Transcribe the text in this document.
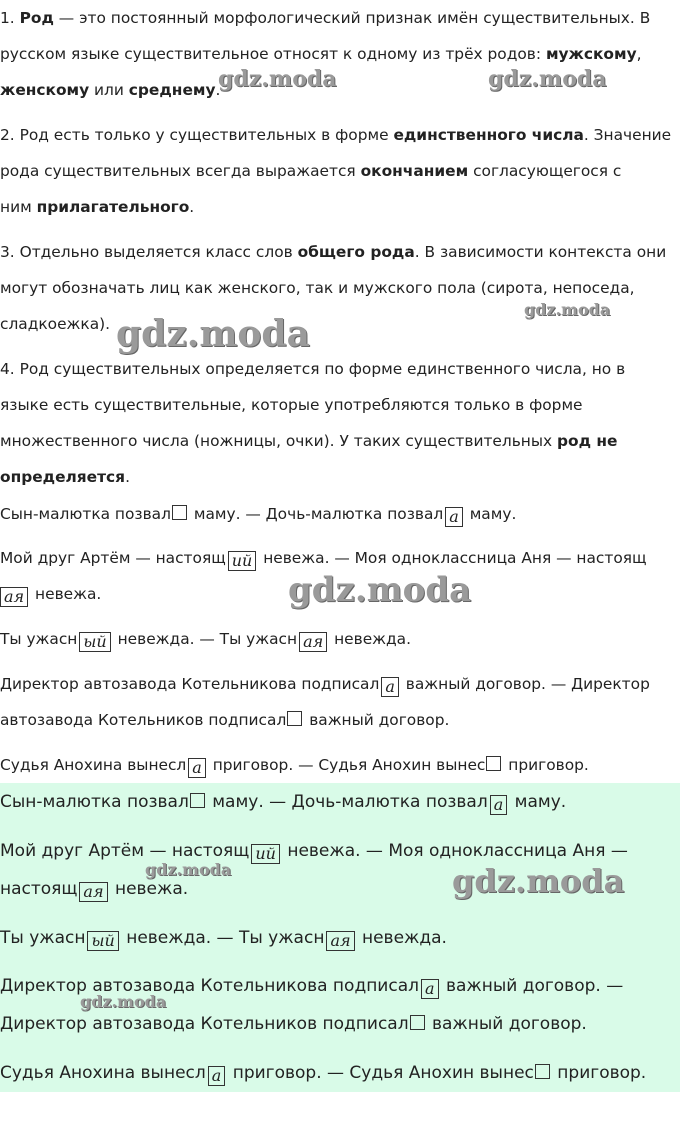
1. Род — это постоянный морфологический признак имён существительных. В

русском языке существительное относят к одному из трёх родов: мужскому,

женскому или среднему.

2. Род есть только у существительных в форме единственного числа. Значение

рода существительных всегда выражается окончанием согласующегося с

ним прилагательного.

3. Отдельно выделяется класс слов общего рода. В зависимости контекста они

могут обозначать лиц как женского, так и мужского пола (сирота, непоседа,

сладкоежка).

4. Род существительных определяется по форме единственного числа, но в

языке есть существительные, которые употребляются только в форме

множественного числа (ножницы, очки). У таких существительных род не

определяется.

Сын-малютка позвал маму. — Дочь-малютка позвал а маму.

Мой друг Артём — настоящ ий невежа. — Моя одноклассница Аня — настоящ

ая невежа.

Ты ужасн ый невежда. — Ты ужасн ая невежда.

Директор автозавода Котельникова подписал а важный договор. — Директор

автозавода Котельников подписал важный договор.

Судья Анохина вынесл а приговор. — Судья Анохин вынес приговор.

Сын-малютка позвал маму. — Дочь-малютка позвал а маму.

Мой друг Артём — настоящ ий невежа. — Моя одноклассница Аня —

настоящ ая невежа.

Ты ужасн ый невежда. — Ты ужасн ая невежда.

Директор автозавода Котельникова подписал а важный договор. —

Директор автозавода Котельников подписал важный договор.

Судья Анохина вынесл а приговор. — Судья Анохин вынес приговор.

gdz.moda	gdz.moda
gdz.moda
gdz.moda
gdz.moda
gdz.moda	gdz.moda
gdz.moda
